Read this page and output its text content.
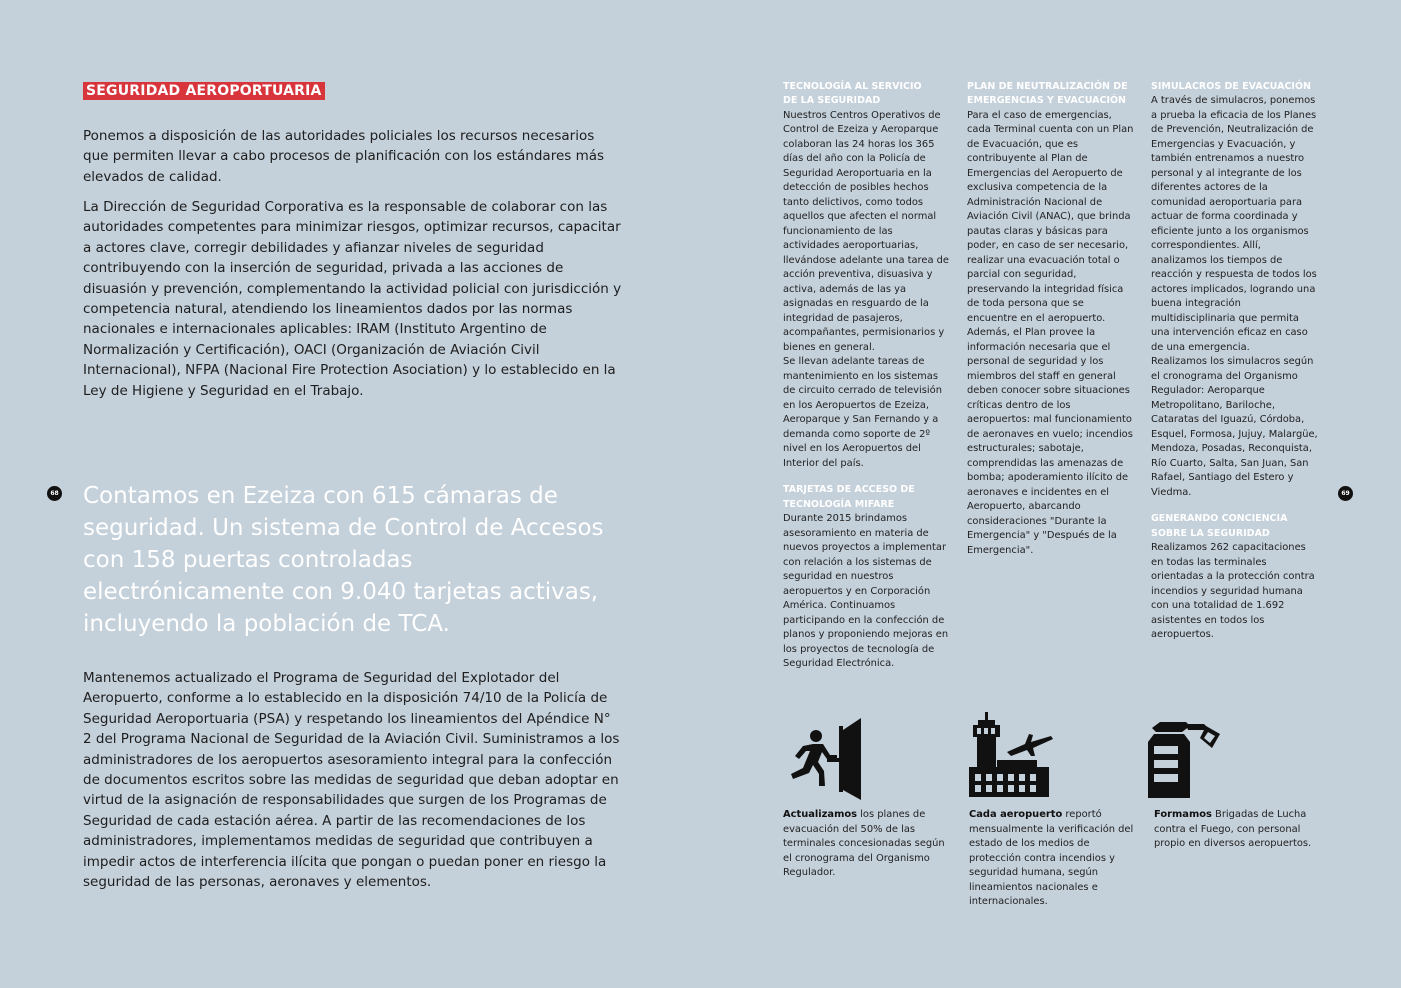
SEGURIDAD AEROPORTUARIA

Ponemos a disposición de las autoridades policiales los recursos necesarios que permiten llevar a cabo procesos de planificación con los estándares más elevados de calidad.

La Dirección de Seguridad Corporativa es la responsable de colaborar con las autoridades competentes para minimizar riesgos, optimizar recursos, capacitar a actores clave, corregir debilidades y afianzar niveles de seguridad contribuyendo con la inserción de seguridad, privada a las acciones de disuasión y prevención, complementando la actividad policial con jurisdicción y competencia natural, atendiendo los lineamientos dados por las normas nacionales e internacionales aplicables: IRAM (Instituto Argentino de Normalización y Certificación), OACI (Organización de Aviación Civil Internacional), NFPA (Nacional Fire Protection Asociation) y lo establecido en la Ley de Higiene y Seguridad en el Trabajo.

68 Contamos en Ezeiza con 615 cámaras de seguridad. Un sistema de Control de Accesos con 158 puertas controladas electrónicamente con 9.040 tarjetas activas, incluyendo la población de TCA.

Mantenemos actualizado el Programa de Seguridad del Explotador del Aeropuerto, conforme a lo establecido en la disposición 74/10 de la Policía de Seguridad Aeroportuaria (PSA) y respetando los lineamientos del Apéndice N° 2 del Programa Nacional de Seguridad de la Aviación Civil. Suministramos a los administradores de los aeropuertos asesoramiento integral para la confección de documentos escritos sobre las medidas de seguridad que deban adoptar en virtud de la asignación de responsabilidades que surgen de los Programas de Seguridad de cada estación aérea. A partir de las recomendaciones de los administradores, implementamos medidas de seguridad que contribuyen a impedir actos de interferencia ilícita que pongan o puedan poner en riesgo la seguridad de las personas, aeronaves y elementos.

TECNOLOGÍA AL SERVICIO
DE LA SEGURIDAD

Nuestros Centros Operativos de Control de Ezeiza y Aeroparque colaboran las 24 horas los 365 días del año con la Policía de Seguridad Aeroportuaria en la detección de posibles hechos tanto delictivos, como todos aquellos que afecten el normal funcionamiento de las actividades aeroportuarias, llevándose adelante una tarea de acción preventiva, disuasiva y activa, además de las ya asignadas en resguardo de la integridad de pasajeros, acompañantes, permisionarios y bienes en general.

Se llevan adelante tareas de mantenimiento en los sistemas de circuito cerrado de televisión en los Aeropuertos de Ezeiza, Aeroparque y San Fernando y a demanda como soporte de 2º nivel en los Aeropuertos del Interior del país.

TARJETAS DE ACCESO DE
TECNOLOGÍA MIFARE

Durante 2015 brindamos asesoramiento en materia de nuevos proyectos a implementar con relación a los sistemas de seguridad en nuestros aeropuertos y en Corporación América. Continuamos participando en la confección de planos y proponiendo mejoras en los proyectos de tecnología de Seguridad Electrónica.

PLAN DE NEUTRALIZACIÓN DE
EMERGENCIAS Y EVACUACIÓN

Para el caso de emergencias, cada Terminal cuenta con un Plan de Evacuación, que es contribuyente al Plan de Emergencias del Aeropuerto de exclusiva competencia de la Administración Nacional de Aviación Civil (ANAC), que brinda pautas claras y básicas para poder, en caso de ser necesario, realizar una evacuación total o parcial con seguridad, preservando la integridad física de toda persona que se encuentre en el aeropuerto. Además, el Plan provee la información necesaria que el personal de seguridad y los miembros del staff en general deben conocer sobre situaciones críticas dentro de los aeropuertos: mal funcionamiento de aeronaves en vuelo; incendios estructurales; sabotaje, comprendidas las amenazas de bomba; apoderamiento ilícito de aeronaves e incidentes en el Aeropuerto, abarcando consideraciones "Durante la Emergencia" y "Después de la Emergencia".

SIMULACROS DE EVACUACIÓN

A través de simulacros, ponemos a prueba la eficacia de los Planes de Prevención, Neutralización de Emergencias y Evacuación, y también entrenamos a nuestro personal y al integrante de los diferentes actores de la comunidad aeroportuaria para actuar de forma coordinada y eficiente junto a los organismos correspondientes. Allí, analizamos los tiempos de reacción y respuesta de todos los actores implicados, logrando una buena integración multidisciplinaria que permita una intervención eficaz en caso de una emergencia.

Realizamos los simulacros según el cronograma del Organismo Regulador: Aeroparque Metropolitano, Bariloche, Cataratas del Iguazú, Córdoba, Esquel, Formosa, Jujuy, Malargüe, Mendoza, Posadas, Reconquista, Río Cuarto, Salta, San Juan, San Rafael, Santiago del Estero y Viedma.

GENERANDO CONCIENCIA
SOBRE LA SEGURIDAD

Realizamos 262 capacitaciones en todas las terminales orientadas a la protección contra incendios y seguridad humana con una totalidad de 1.692 asistentes en todos los aeropuertos.

69
Actualizamos los planes de evacuación del 50% de las terminales concesionadas según el cronograma del Organismo Regulador.
Cada aeropuerto reportó mensualmente la verificación del estado de los medios de protección contra incendios y seguridad humana, según lineamientos nacionales e internacionales.
Formamos Brigadas de Lucha contra el Fuego, con personal propio en diversos aeropuertos.
